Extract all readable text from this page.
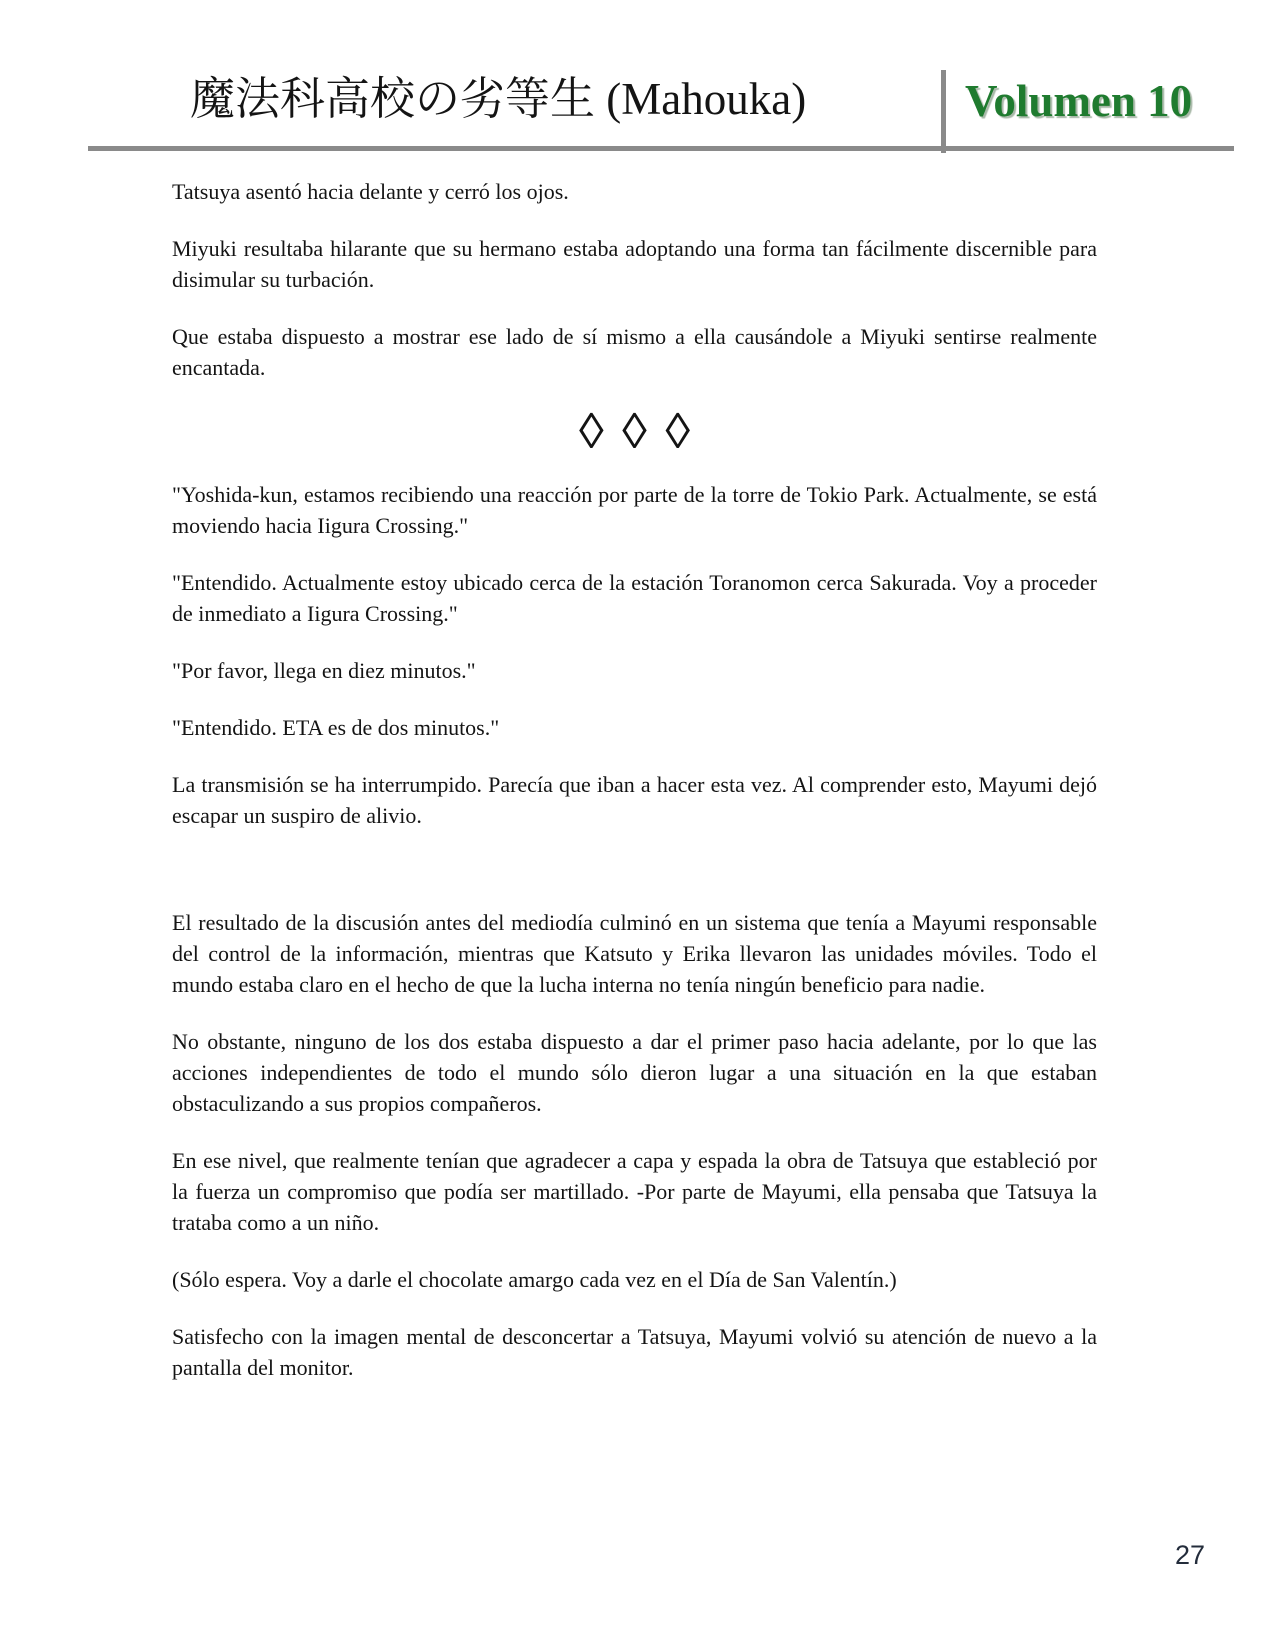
魔法科高校の劣等生 (Mahouka)	Volumen 10

Tatsuya asentó hacia delante y cerró los ojos.

Miyuki resultaba hilarante que su hermano estaba adoptando una forma tan fácilmente discernible para disimular su turbación.

Que estaba dispuesto a mostrar ese lado de sí mismo a ella causándole a Miyuki sentirse realmente encantada.

◊ ◊ ◊

"Yoshida-kun, estamos recibiendo una reacción por parte de la torre de Tokio Park. Actualmente, se está moviendo hacia Iigura Crossing."

"Entendido. Actualmente estoy ubicado cerca de la estación Toranomon cerca Sakurada. Voy a proceder de inmediato a Iigura Crossing."

"Por favor, llega en diez minutos."

"Entendido. ETA es de dos minutos."

La transmisión se ha interrumpido. Parecía que iban a hacer esta vez. Al comprender esto, Mayumi dejó escapar un suspiro de alivio.

El resultado de la discusión antes del mediodía culminó en un sistema que tenía a Mayumi responsable del control de la información, mientras que Katsuto y Erika llevaron las unidades móviles. Todo el mundo estaba claro en el hecho de que la lucha interna no tenía ningún beneficio para nadie.

No obstante, ninguno de los dos estaba dispuesto a dar el primer paso hacia adelante, por lo que las acciones independientes de todo el mundo sólo dieron lugar a una situación en la que estaban obstaculizando a sus propios compañeros.

En ese nivel, que realmente tenían que agradecer a capa y espada la obra de Tatsuya que estableció por la fuerza un compromiso que podía ser martillado. -Por parte de Mayumi, ella pensaba que Tatsuya la trataba como a un niño.

(Sólo espera. Voy a darle el chocolate amargo cada vez en el Día de San Valentín.)

Satisfecho con la imagen mental de desconcertar a Tatsuya, Mayumi volvió su atención de nuevo a la pantalla del monitor.

27
